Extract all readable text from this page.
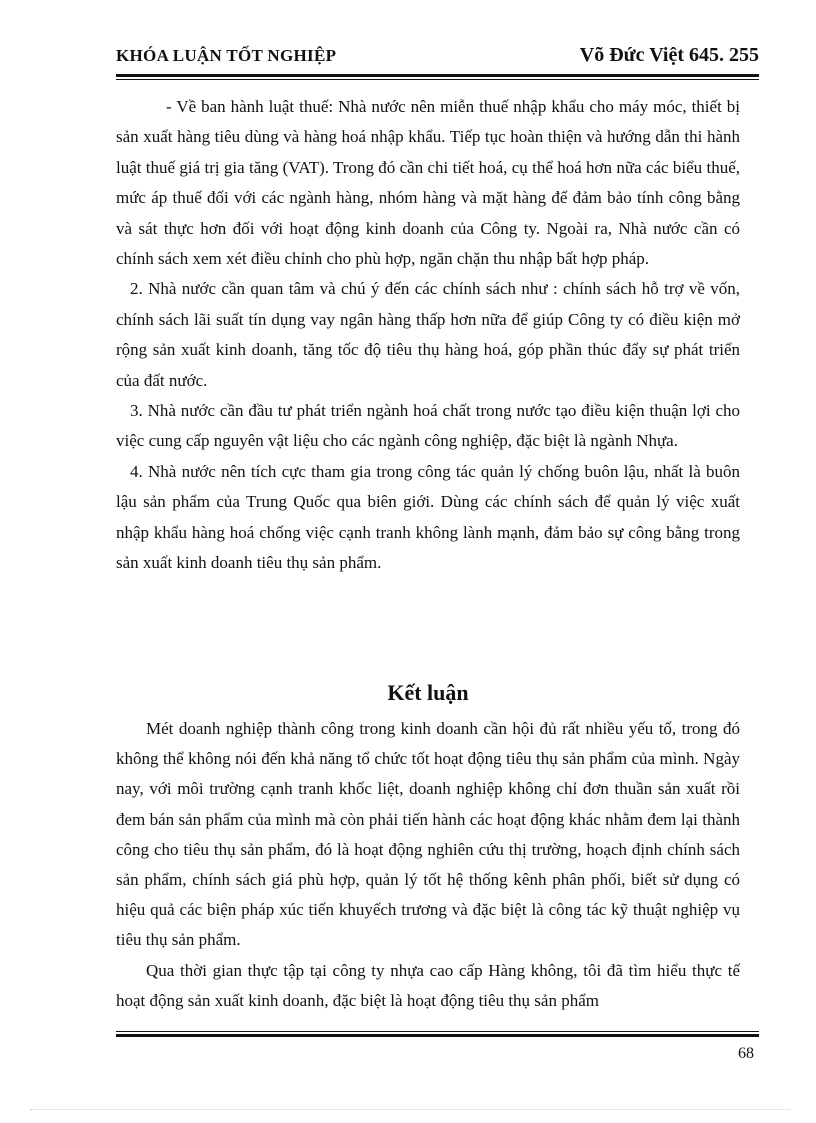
KHÓA LUẬN TỐT NGHIỆP	Võ Đức Việt 645. 255

- Về ban hành luật thuế: Nhà nước nên miễn thuế nhập khẩu cho máy móc, thiết bị sản xuất hàng tiêu dùng và hàng hoá nhập khẩu. Tiếp tục hoàn thiện và hướng dẫn thi hành luật thuế giá trị gia tăng (VAT). Trong đó cần chi tiết hoá, cụ thể hoá hơn nữa các biểu thuế, mức áp thuế đối với các ngành hàng, nhóm hàng và mặt hàng để đảm bảo tính công bằng và sát thực hơn đối với hoạt động kinh doanh của Công ty. Ngoài ra, Nhà nước cần có chính sách xem xét điều chỉnh cho phù hợp, ngăn chặn thu nhập bất hợp pháp.

2. Nhà nước cần quan tâm và chú ý đến các chính sách như : chính sách hỗ trợ về vốn, chính sách lãi suất tín dụng vay ngân hàng thấp hơn nữa để giúp Công ty có điều kiện mở rộng sản xuất kinh doanh, tăng tốc độ tiêu thụ hàng hoá, góp phần thúc đẩy sự phát triển của đất nước.

3. Nhà nước cần đầu tư phát triển ngành hoá chất trong nước tạo điều kiện thuận lợi cho việc cung cấp nguyên vật liệu cho các ngành công nghiệp, đặc biệt là ngành Nhựa.

4. Nhà nước nên tích cực tham gia trong công tác quản lý chống buôn lậu, nhất là buôn lậu sản phẩm của Trung Quốc qua biên giới. Dùng các chính sách để quản lý việc xuất nhập khẩu hàng hoá chống việc cạnh tranh không lành mạnh, đảm bảo sự công bằng trong sản xuất kinh doanh tiêu thụ sản phẩm.

Kết luận

Mét doanh nghiệp thành công trong kinh doanh cần hội đủ rất nhiều yếu tố, trong đó không thể không nói đến khả năng tổ chức tốt hoạt động tiêu thụ sản phẩm của mình. Ngày nay, với môi trường cạnh tranh khốc liệt, doanh nghiệp không chỉ đơn thuần sản xuất rồi đem bán sản phẩm của mình mà còn phải tiến hành các hoạt động khác nhằm đem lại thành công cho tiêu thụ sản phẩm, đó là hoạt động nghiên cứu thị trường, hoạch định chính sách sản phẩm, chính sách giá phù hợp, quản lý tốt hệ thống kênh phân phối, biết sử dụng có hiệu quả các biện pháp xúc tiến khuyếch trương và đặc biệt là công tác kỹ thuật nghiệp vụ tiêu thụ sản phẩm.

Qua thời gian thực tập tại công ty nhựa cao cấp Hàng không, tôi đã tìm hiểu thực tế hoạt động sản xuất kinh doanh, đặc biệt là hoạt động tiêu thụ sản phẩm

68
